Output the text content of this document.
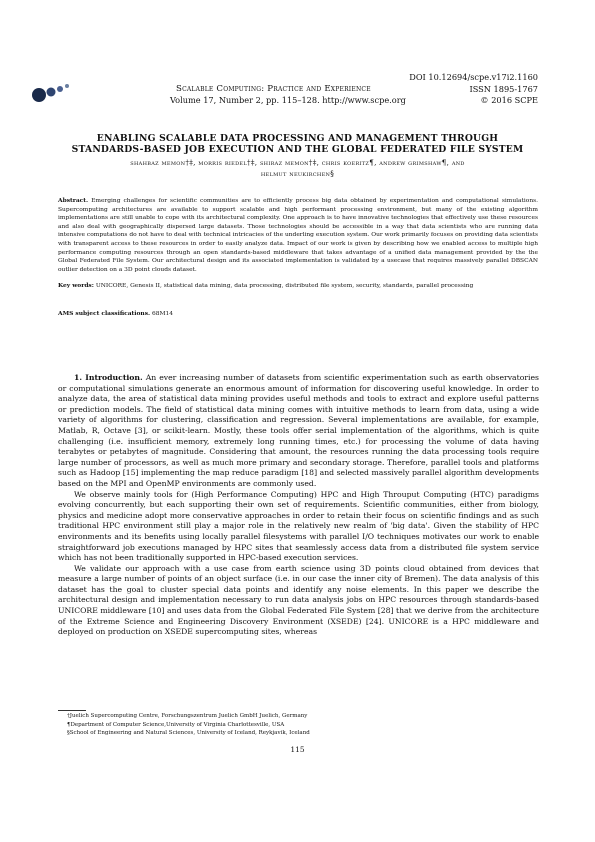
DOI 10.12694/scpe.v17i2.1160
Scalable Computing: Practice and Experience	ISSN 1895-1767
Volume 17, Number 2, pp. 115–128. http://www.scpe.org	© 2016 SCPE
ENABLING SCALABLE DATA PROCESSING AND MANAGEMENT THROUGH
STANDARDS-BASED JOB EXECUTION AND THE GLOBAL FEDERATED FILE SYSTEM
shahbaz memon†‡, morris riedel†‡, shiraz memon†‡, chris koeritz¶, andrew grimshaw¶, and
helmut neukirchen§
Abstract. Emerging challenges for scientific communities are to efficiently process big data obtained by experimentation and computational simulations. Supercomputing architectures are available to support scalable and high performant processing environment, but many of the existing algorithm implementations are still unable to cope with its architectural complexity. One approach is to have innovative technologies that effectively use these resources and also deal with geographically dispersed large datasets. Those technologies should be accessible in a way that data scientists who are running data intensive computations do not have to deal with technical intricacies of the underling execution system. Our work primarily focuses on providing data scientists with transparent access to these resources in order to easily analyze data. Impact of our work is given by describing how we enabled access to multiple high performance computing resources through an open standards-based middleware that takes advantage of a unified data management provided by the the Global Federated File System. Our architectural design and its associated implementation is validated by a usecase that requires massively parallel DBSCAN outlier detection on a 3D point clouds dataset.
Key words: UNICORE, Genesis II, statistical data mining, data processing, distributed file system, security, standards, parallel processing
AMS subject classifications. 68M14

1. Introduction. An ever increasing number of datasets from scientific experimentation such as earth observatories or computational simulations generate an enormous amount of information for discovering useful knowledge. In order to analyze data, the area of statistical data mining provides useful methods and tools to extract and explore useful patterns or prediction models. The field of statistical data mining comes with intuitive methods to learn from data, using a wide variety of algorithms for clustering, classification and regression. Several implementations are available, for example, Matlab, R, Octave [3], or scikit-learn. Mostly, these tools offer serial implementation of the algorithms, which is quite challenging (i.e. insufficient memory, extremely long running times, etc.) for processing the volume of data having terabytes or petabytes of magnitude. Considering that amount, the resources running the data processing tools require large number of processors, as well as much more primary and secondary storage. Therefore, parallel tools and platforms such as Hadoop [15] implementing the map reduce paradigm [18] and selected massively parallel algorithm developments based on the MPI and OpenMP environments are commonly used.

We observe mainly tools for (High Performance Computing) HPC and High Throuput Computing (HTC) paradigms evolving concurrently, but each supporting their own set of requirements. Scientific communities, either from biology, physics and medicine adopt more conservative approaches in order to retain their focus on scientific findings and as such traditional HPC environment still play a major role in the relatively new realm of 'big data'. Given the stability of HPC environments and its benefits using locally parallel filesystems with parallel I/O techniques motivates our work to enable straightforward job executions managed by HPC sites that seamlessly access data from a distributed file system service which has not been traditionally supported in HPC-based execution services.

We validate our approach with a use case from earth science using 3D points cloud obtained from devices that measure a large number of points of an object surface (i.e. in our case the inner city of Bremen). The data analysis of this dataset has the goal to cluster special data points and identify any noise elements. In this paper we describe the architectural design and implementation necessary to run data analysis jobs on HPC resources through standards-based UNICORE middleware [10] and uses data from the Global Federated File System [28] that we derive from the architecture of the Extreme Science and Engineering Discovery Environment (XSEDE) [24]. UNICORE is a HPC middleware and deployed on production on XSEDE supercomputing sites, whereas

†Juelich Supercomputing Centre, Forschungszentrum Juelich GmbH Juelich, Germany
¶Department of Computer Science,University of Virginia Charlottesville, USA
§School of Engineering and Natural Sciences, University of Iceland, Reykjavik, Iceland
115
